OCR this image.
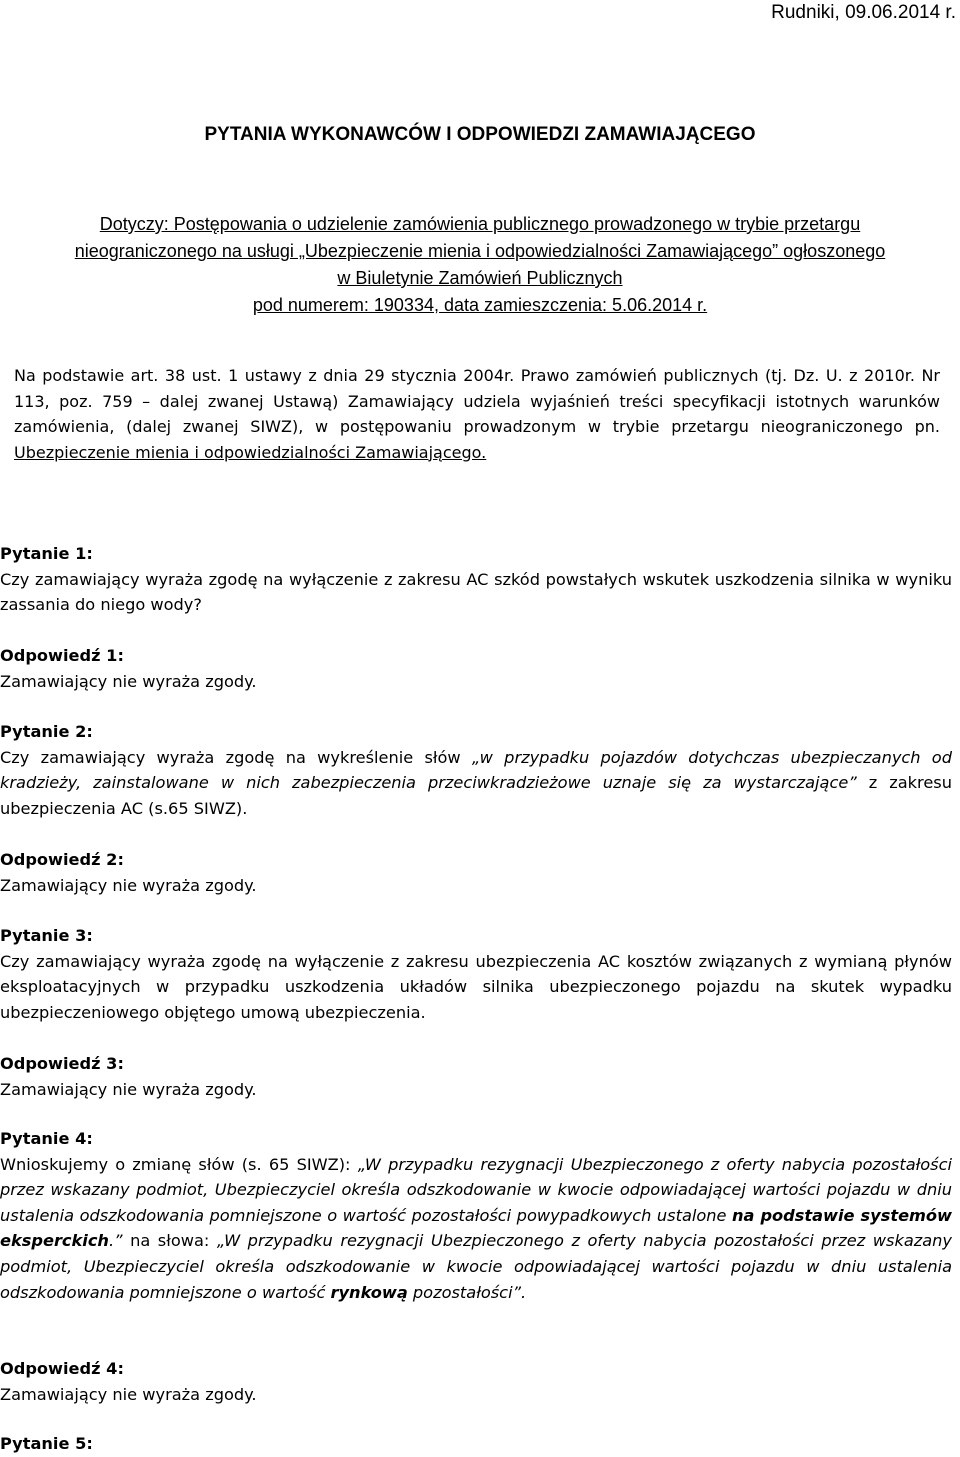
Rudniki, 09.06.2014 r.
PYTANIA WYKONAWCÓW I ODPOWIEDZI ZAMAWIAJĄCEGO
Dotyczy: Postępowania o udzielenie zamówienia publicznego prowadzonego w trybie przetargu
nieograniczonego na usługi „Ubezpieczenie mienia i odpowiedzialności Zamawiającego” ogłoszonego
w Biuletynie Zamówień Publicznych
pod numerem: 190334, data zamieszczenia: 5.06.2014 r.
Na podstawie art. 38 ust. 1 ustawy z dnia 29 stycznia 2004r. Prawo zamówień publicznych (tj. Dz. U. z 2010r. Nr 113, poz. 759 – dalej zwanej Ustawą) Zamawiający udziela wyjaśnień treści specyfikacji istotnych warunków zamówienia, (dalej zwanej SIWZ), w postępowaniu prowadzonym w trybie przetargu nieograniczonego pn. Ubezpieczenie mienia i odpowiedzialności Zamawiającego.
Pytanie 1:
Czy zamawiający wyraża zgodę na wyłączenie z zakresu AC szkód powstałych wskutek uszkodzenia silnika w wyniku zassania do niego wody?
Odpowiedź 1:
Zamawiający nie wyraża zgody.
Pytanie 2:
Czy zamawiający wyraża zgodę na wykreślenie słów „w przypadku pojazdów dotychczas ubezpieczanych od kradzieży, zainstalowane w nich zabezpieczenia przeciwkradzieżowe uznaje się za wystarczające” z zakresu ubezpieczenia AC (s.65 SIWZ).
Odpowiedź 2:
Zamawiający nie wyraża zgody.
Pytanie 3:
Czy zamawiający wyraża zgodę na wyłączenie z zakresu ubezpieczenia AC kosztów związanych z wymianą płynów eksploatacyjnych w przypadku uszkodzenia układów silnika ubezpieczonego pojazdu na skutek wypadku ubezpieczeniowego objętego umową ubezpieczenia.
Odpowiedź 3:
Zamawiający nie wyraża zgody.
Pytanie 4:
Wnioskujemy o zmianę słów (s. 65 SIWZ): „W przypadku rezygnacji Ubezpieczonego z oferty nabycia pozostałości przez wskazany podmiot, Ubezpieczyciel określa odszkodowanie w kwocie odpowiadającej wartości pojazdu w dniu ustalenia odszkodowania pomniejszone o wartość pozostałości powypadkowych ustalone na podstawie systemów eksperckich.” na słowa: „W przypadku rezygnacji Ubezpieczonego z oferty nabycia pozostałości przez wskazany podmiot, Ubezpieczyciel określa odszkodowanie w kwocie odpowiadającej wartości pojazdu w dniu ustalenia odszkodowania pomniejszone o wartość rynkową pozostałości”.
Odpowiedź 4:
Zamawiający nie wyraża zgody.
Pytanie 5:
